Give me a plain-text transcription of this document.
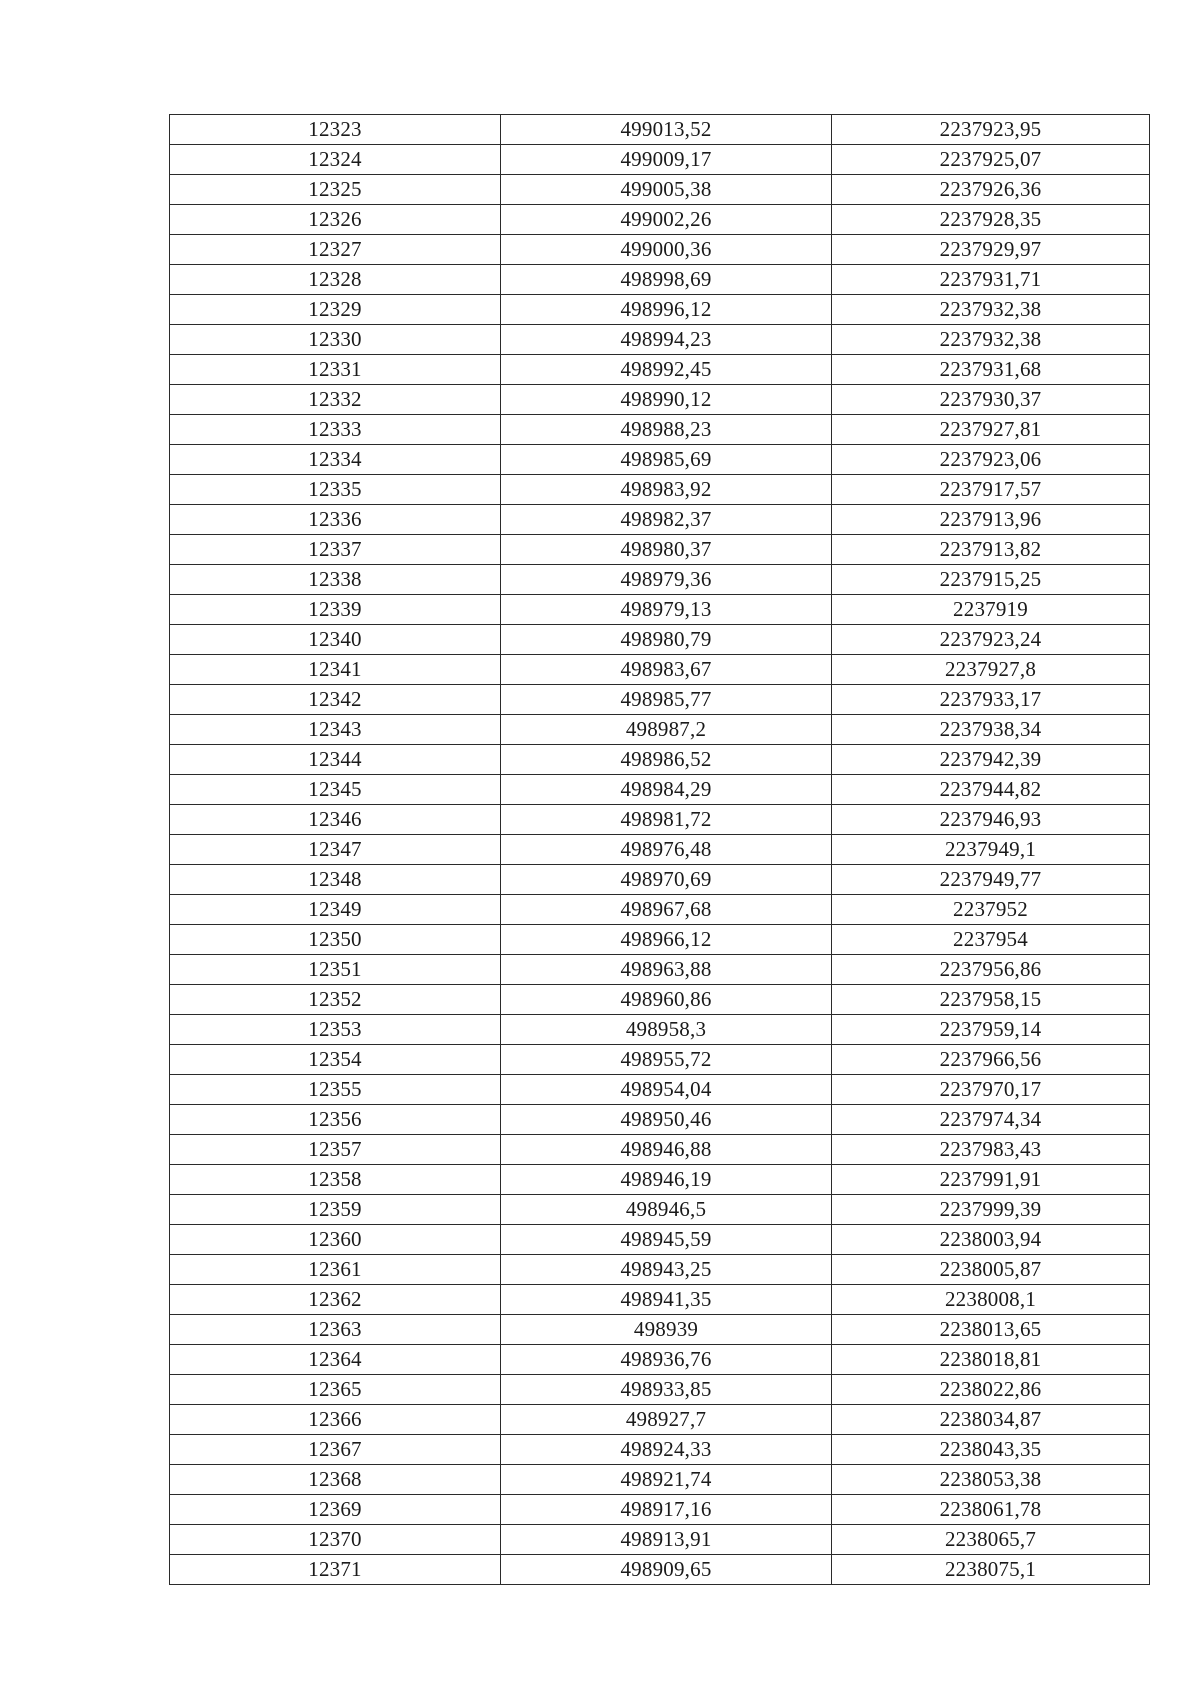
12323	499013,52	2237923,95
12324	499009,17	2237925,07
12325	499005,38	2237926,36
12326	499002,26	2237928,35
12327	499000,36	2237929,97
12328	498998,69	2237931,71
12329	498996,12	2237932,38
12330	498994,23	2237932,38
12331	498992,45	2237931,68
12332	498990,12	2237930,37
12333	498988,23	2237927,81
12334	498985,69	2237923,06
12335	498983,92	2237917,57
12336	498982,37	2237913,96
12337	498980,37	2237913,82
12338	498979,36	2237915,25
12339	498979,13	2237919
12340	498980,79	2237923,24
12341	498983,67	2237927,8
12342	498985,77	2237933,17
12343	498987,2	2237938,34
12344	498986,52	2237942,39
12345	498984,29	2237944,82
12346	498981,72	2237946,93
12347	498976,48	2237949,1
12348	498970,69	2237949,77
12349	498967,68	2237952
12350	498966,12	2237954
12351	498963,88	2237956,86
12352	498960,86	2237958,15
12353	498958,3	2237959,14
12354	498955,72	2237966,56
12355	498954,04	2237970,17
12356	498950,46	2237974,34
12357	498946,88	2237983,43
12358	498946,19	2237991,91
12359	498946,5	2237999,39
12360	498945,59	2238003,94
12361	498943,25	2238005,87
12362	498941,35	2238008,1
12363	498939	2238013,65
12364	498936,76	2238018,81
12365	498933,85	2238022,86
12366	498927,7	2238034,87
12367	498924,33	2238043,35
12368	498921,74	2238053,38
12369	498917,16	2238061,78
12370	498913,91	2238065,7
12371	498909,65	2238075,1
